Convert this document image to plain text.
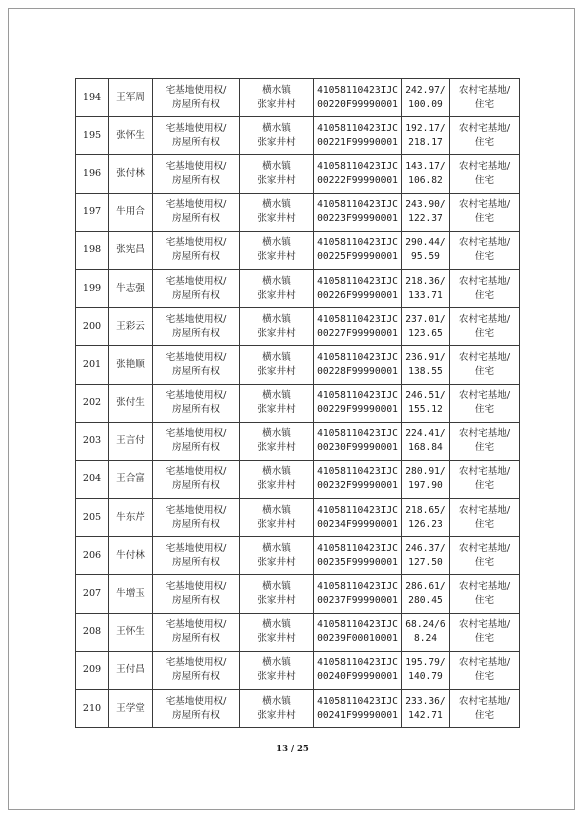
194	王军周	宅基地使用权/
房屋所有权	横水镇
张家井村	41058110423IJC
00220F99990001	242.97/
100.09	农村宅基地/
住宅

195	张怀生	宅基地使用权/
房屋所有权	横水镇
张家井村	41058110423IJC
00221F99990001	192.17/
218.17	农村宅基地/
住宅

196	张付林	宅基地使用权/
房屋所有权	横水镇
张家井村	41058110423IJC
00222F99990001	143.17/
106.82	农村宅基地/
住宅

197	牛用合	宅基地使用权/
房屋所有权	横水镇
张家井村	41058110423IJC
00223F99990001	243.90/
122.37	农村宅基地/
住宅

198	张宪昌	宅基地使用权/
房屋所有权	横水镇
张家井村	41058110423IJC
00225F99990001	290.44/
95.59	农村宅基地/
住宅

199	牛志强	宅基地使用权/
房屋所有权	横水镇
张家井村	41058110423IJC
00226F99990001	218.36/
133.71	农村宅基地/
住宅

200	王彩云	宅基地使用权/
房屋所有权	横水镇
张家井村	41058110423IJC
00227F99990001	237.01/
123.65	农村宅基地/
住宅

201	张艳顺	宅基地使用权/
房屋所有权	横水镇
张家井村	41058110423IJC
00228F99990001	236.91/
138.55	农村宅基地/
住宅

202	张付生	宅基地使用权/
房屋所有权	横水镇
张家井村	41058110423IJC
00229F99990001	246.51/
155.12	农村宅基地/
住宅

203	王言付	宅基地使用权/
房屋所有权	横水镇
张家井村	41058110423IJC
00230F99990001	224.41/
168.84	农村宅基地/
住宅

204	王合富	宅基地使用权/
房屋所有权	横水镇
张家井村	41058110423IJC
00232F99990001	280.91/
197.90	农村宅基地/
住宅

205	牛东芹	宅基地使用权/
房屋所有权	横水镇
张家井村	41058110423IJC
00234F99990001	218.65/
126.23	农村宅基地/
住宅

206	牛付林	宅基地使用权/
房屋所有权	横水镇
张家井村	41058110423IJC
00235F99990001	246.37/
127.50	农村宅基地/
住宅

207	牛增玉	宅基地使用权/
房屋所有权	横水镇
张家井村	41058110423IJC
00237F99990001	286.61/
280.45	农村宅基地/
住宅

208	王怀生	宅基地使用权/
房屋所有权	横水镇
张家井村	41058110423IJC
00239F00010001	68.24/6
8.24	农村宅基地/
住宅

209	王付昌	宅基地使用权/
房屋所有权	横水镇
张家井村	41058110423IJC
00240F99990001	195.79/
140.79	农村宅基地/
住宅

210	王学堂	宅基地使用权/
房屋所有权	横水镇
张家井村	41058110423IJC
00241F99990001	233.36/
142.71	农村宅基地/
住宅
13 / 25
